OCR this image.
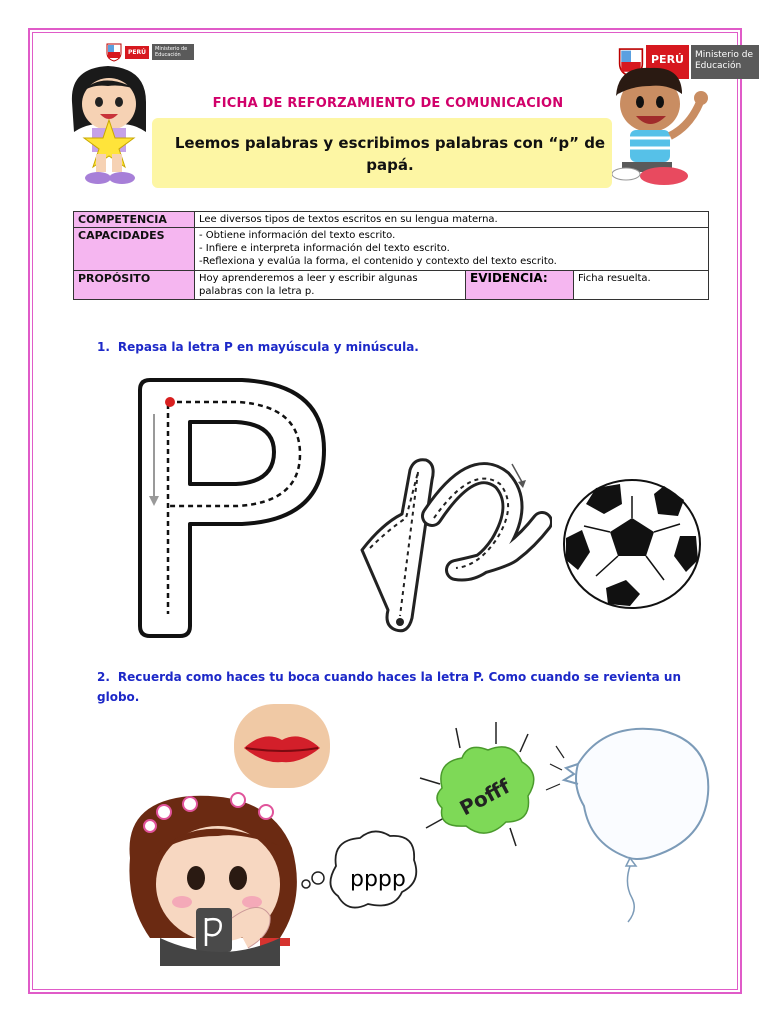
PERÚ	Ministerio de Educación	PERÚ	Ministerio de Educación
FICHA DE REFORZAMIENTO DE COMUNICACION
Leemos palabras y escribimos palabras con “p” de
papá.
COMPETENCIA	Lee diversos tipos de textos escritos en su lengua materna.		
CAPACIDADES	- Obtiene información del texto escrito.
- Infiere e interpreta información del texto escrito.
-Reflexiona y evalúa la forma, el contenido y contexto del texto escrito.		

PROPÓSITO	Hoy aprenderemos a leer y escribir algunas palabras con la letra p.	EVIDENCIA:	Ficha resuelta.
1. Repasa la letra P en mayúscula y minúscula.
2. Recuerda como haces tu boca cuando haces la letra P. Como cuando se revienta un globo.
pppp
Pofff
